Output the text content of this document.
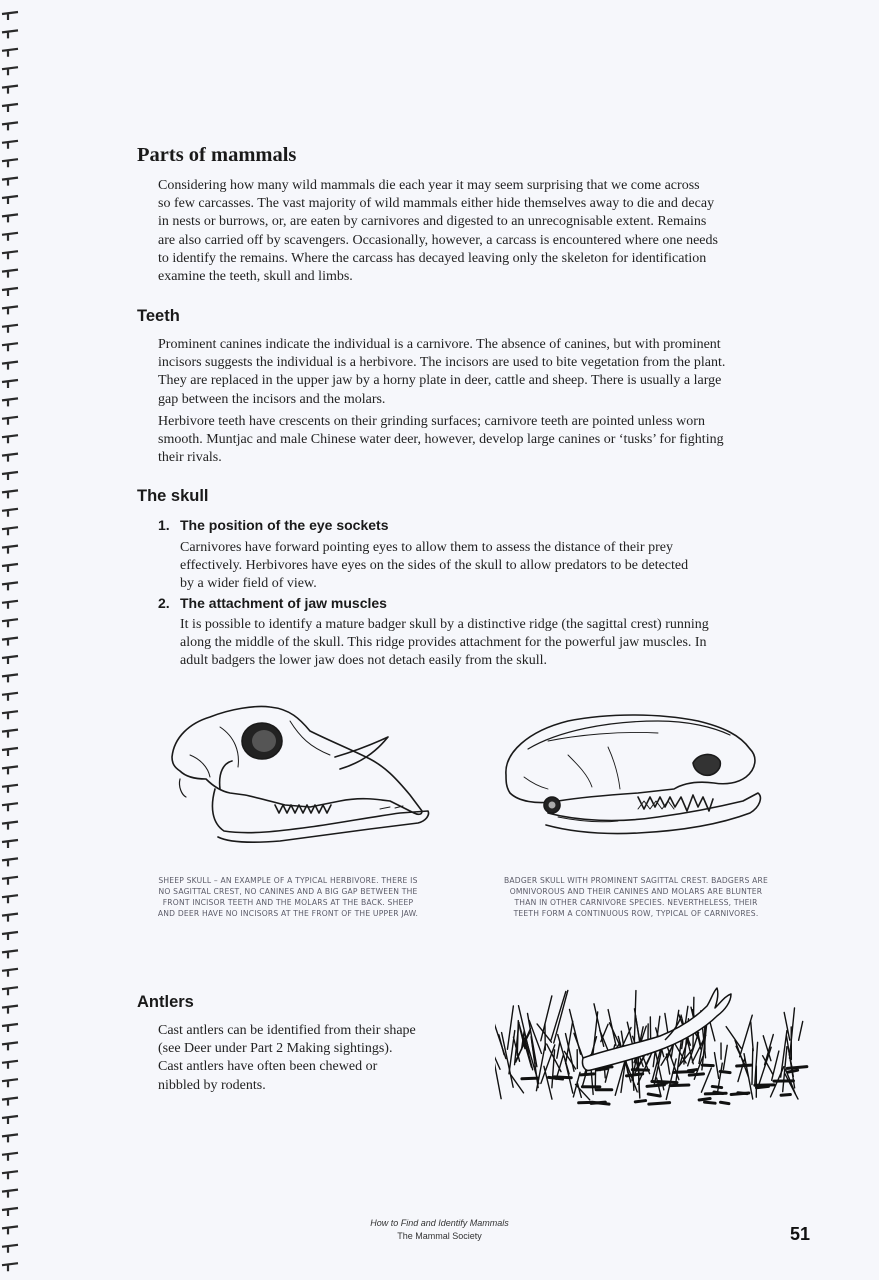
Parts of mammals
Considering how many wild mammals die each year it may seem surprising that we come across
so few carcasses. The vast majority of wild mammals either hide themselves away to die and decay
in nests or burrows, or, are eaten by carnivores and digested to an unrecognisable extent. Remains
are also carried off by scavengers. Occasionally, however, a carcass is encountered where one needs
to identify the remains. Where the carcass has decayed leaving only the skeleton for identification
examine the teeth, skull and limbs.
Teeth
Prominent canines indicate the individual is a carnivore. The absence of canines, but with prominent
incisors suggests the individual is a herbivore. The incisors are used to bite vegetation from the plant.
They are replaced in the upper jaw by a horny plate in deer, cattle and sheep. There is usually a large
gap between the incisors and the molars.
Herbivore teeth have crescents on their grinding surfaces; carnivore teeth are pointed unless worn
smooth. Muntjac and male Chinese water deer, however, develop large canines or ‘tusks’ for fighting
their rivals.
The skull
1. The position of the eye sockets
Carnivores have forward pointing eyes to allow them to assess the distance of their prey
effectively. Herbivores have eyes on the sides of the skull to allow predators to be detected
by a wider field of view.
2. The attachment of jaw muscles
It is possible to identify a mature badger skull by a distinctive ridge (the sagittal crest) running
along the middle of the skull. This ridge provides attachment for the powerful jaw muscles. In
adult badgers the lower jaw does not detach easily from the skull.
SHEEP SKULL – AN EXAMPLE OF A TYPICAL HERBIVORE. THERE IS
NO SAGITTAL CREST, NO CANINES AND A BIG GAP BETWEEN THE
FRONT INCISOR TEETH AND THE MOLARS AT THE BACK. SHEEP
AND DEER HAVE NO INCISORS AT THE FRONT OF THE UPPER JAW.
BADGER SKULL WITH PROMINENT SAGITTAL CREST. BADGERS ARE
OMNIVOROUS AND THEIR CANINES AND MOLARS ARE BLUNTER
THAN IN OTHER CARNIVORE SPECIES. NEVERTHELESS, THEIR
TEETH FORM A CONTINUOUS ROW, TYPICAL OF CARNIVORES.
Antlers
Cast antlers can be identified from their shape
(see Deer under Part 2 Making sightings).
Cast antlers have often been chewed or
nibbled by rodents.
How to Find and Identify Mammals
The Mammal Society	51
